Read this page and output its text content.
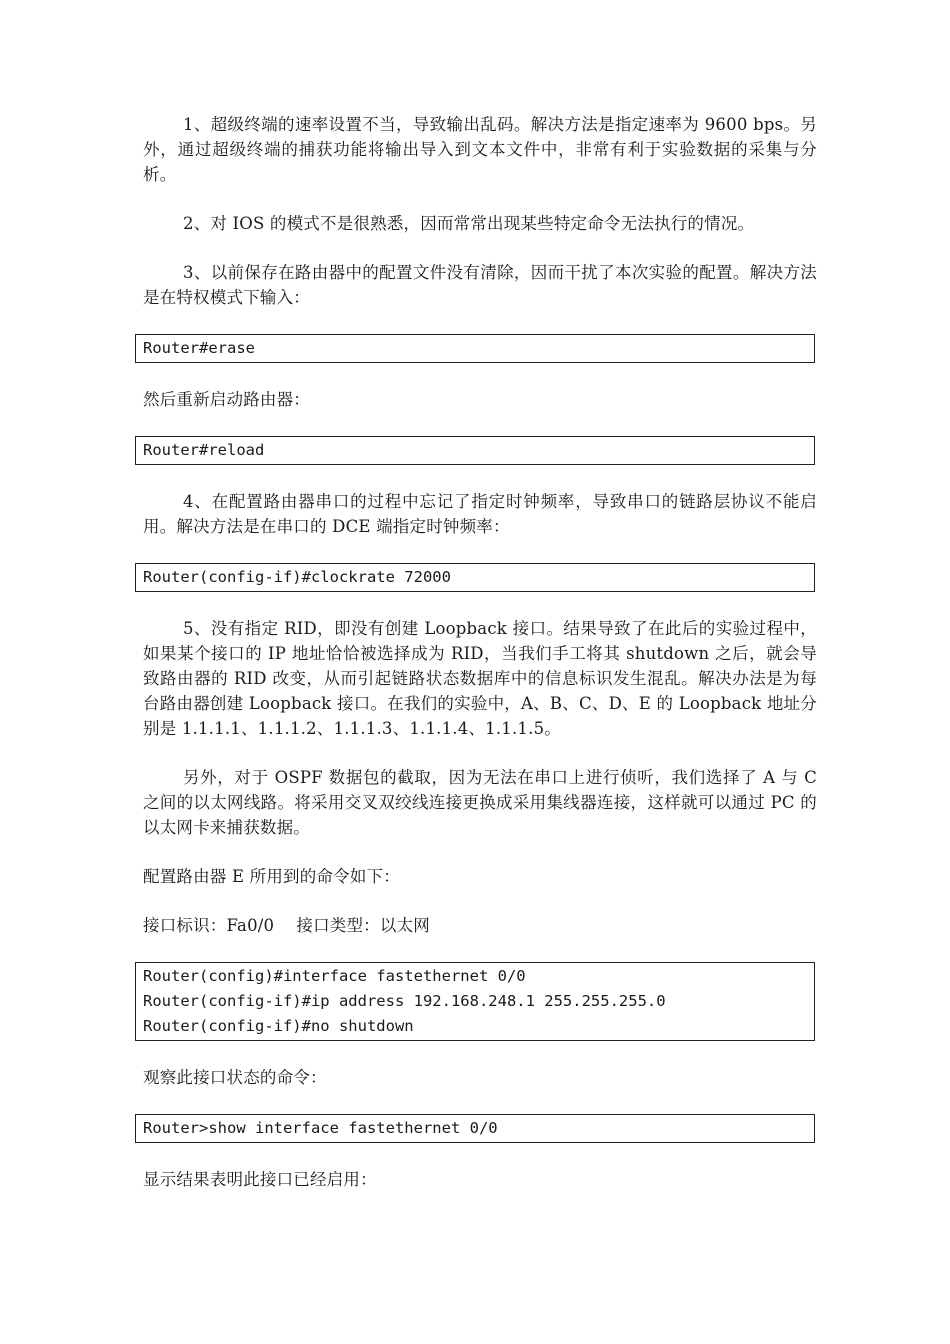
1、超级终端的速率设置不当，导致输出乱码。解决方法是指定速率为 9600 bps。另外，通过超级终端的捕获功能将输出导入到文本文件中，非常有利于实验数据的采集与分析。

2、对 IOS 的模式不是很熟悉，因而常常出现某些特定命令无法执行的情况。

3、以前保存在路由器中的配置文件没有清除，因而干扰了本次实验的配置。解决方法是在特权模式下输入：

Router#erase

然后重新启动路由器：

Router#reload

4、在配置路由器串口的过程中忘记了指定时钟频率，导致串口的链路层协议不能启用。解决方法是在串口的 DCE 端指定时钟频率：

Router(config-if)#clockrate 72000

5、没有指定 RID，即没有创建 Loopback 接口。结果导致了在此后的实验过程中，如果某个接口的 IP 地址恰恰被选择成为 RID，当我们手工将其 shutdown 之后，就会导致路由器的 RID 改变，从而引起链路状态数据库中的信息标识发生混乱。解决办法是为每台路由器创建 Loopback 接口。在我们的实验中，A、B、C、D、E 的 Loopback 地址分别是 1.1.1.1、1.1.1.2、1.1.1.3、1.1.1.4、1.1.1.5。

另外，对于 OSPF 数据包的截取，因为无法在串口上进行侦听，我们选择了 A 与 C 之间的以太网线路。将采用交叉双绞线连接更换成采用集线器连接，这样就可以通过 PC 的以太网卡来捕获数据。

配置路由器 E 所用到的命令如下：

接口标识：Fa0/0　 接口类型：以太网

Router(config)#interface fastethernet 0/0
Router(config-if)#ip address 192.168.248.1 255.255.255.0
Router(config-if)#no shutdown

观察此接口状态的命令：

Router>show interface fastethernet 0/0

显示结果表明此接口已经启用：
